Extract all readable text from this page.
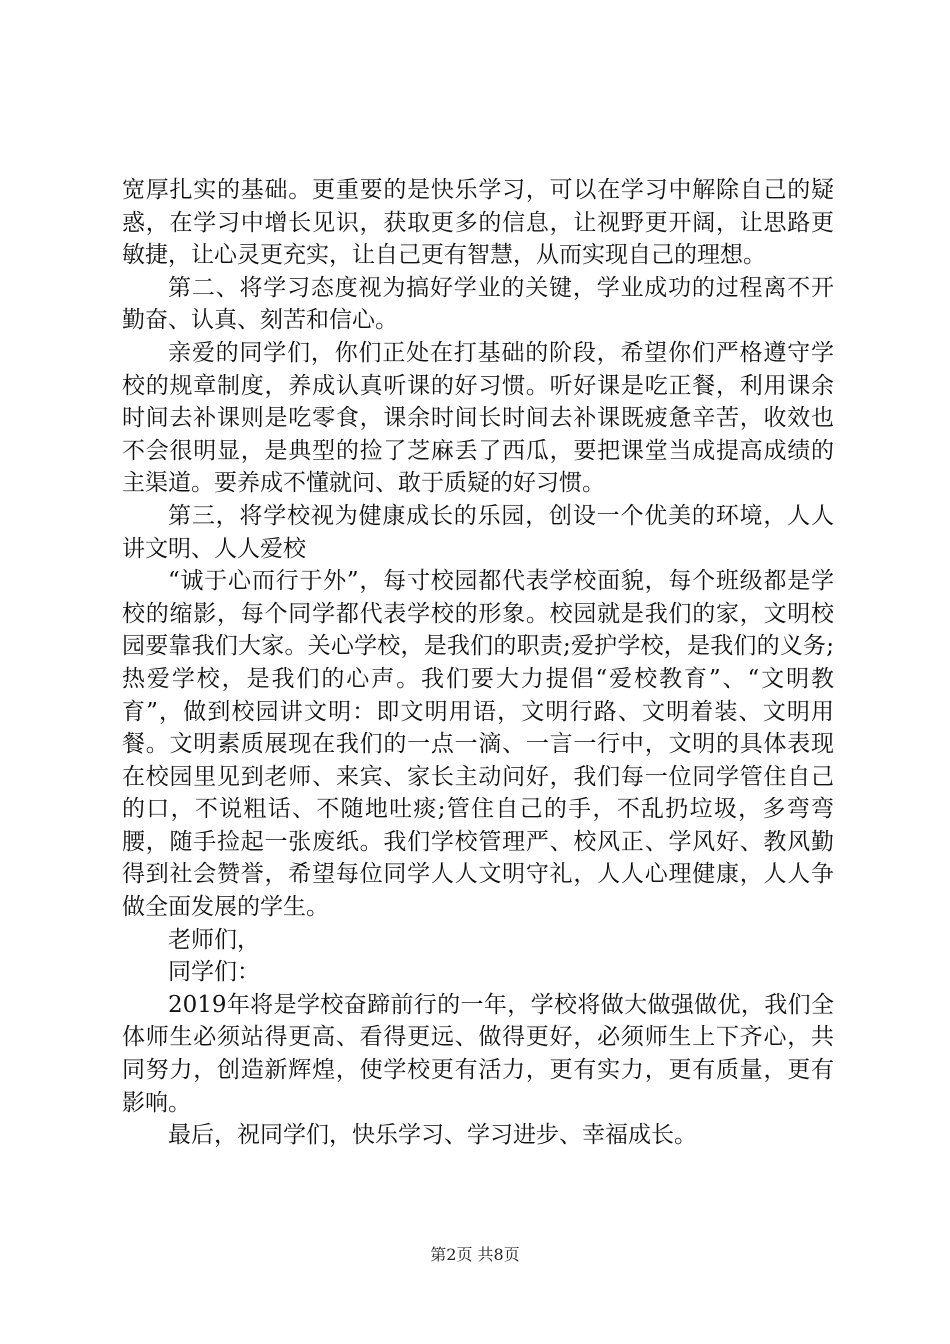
宽厚扎实的基础。更重要的是快乐学习，可以在学习中解除自己的疑惑，在学习中增长见识，获取更多的信息，让视野更开阔，让思路更敏捷，让心灵更充实，让自己更有智慧，从而实现自己的理想。

第二、将学习态度视为搞好学业的关键，学业成功的过程离不开勤奋、认真、刻苦和信心。

亲爱的同学们，你们正处在打基础的阶段，希望你们严格遵守学校的规章制度，养成认真听课的好习惯。听好课是吃正餐，利用课余时间去补课则是吃零食，课余时间长时间去补课既疲惫辛苦，收效也不会很明显，是典型的捡了芝麻丢了西瓜，要把课堂当成提高成绩的主渠道。要养成不懂就问、敢于质疑的好习惯。

第三，将学校视为健康成长的乐园，创设一个优美的环境，人人讲文明、人人爱校

“诚于心而行于外”，每寸校园都代表学校面貌，每个班级都是学校的缩影，每个同学都代表学校的形象。校园就是我们的家，文明校园要靠我们大家。关心学校，是我们的职责;爱护学校，是我们的义务;热爱学校，是我们的心声。我们要大力提倡“爱校教育”、“文明教育”，做到校园讲文明：即文明用语，文明行路、文明着装、文明用餐。文明素质展现在我们的一点一滴、一言一行中，文明的具体表现在校园里见到老师、来宾、家长主动问好，我们每一位同学管住自己的口，不说粗话、不随地吐痰;管住自己的手，不乱扔垃圾，多弯弯腰，随手捡起一张废纸。我们学校管理严、校风正、学风好、教风勤得到社会赞誉，希望每位同学人人文明守礼，人人心理健康，人人争做全面发展的学生。

老师们，

同学们：

2019年将是学校奋蹄前行的一年，学校将做大做强做优，我们全体师生必须站得更高、看得更远、做得更好，必须师生上下齐心，共同努力，创造新辉煌，使学校更有活力，更有实力，更有质量，更有影响。

最后，祝同学们，快乐学习、学习进步、幸福成长。

第2页 共8页
